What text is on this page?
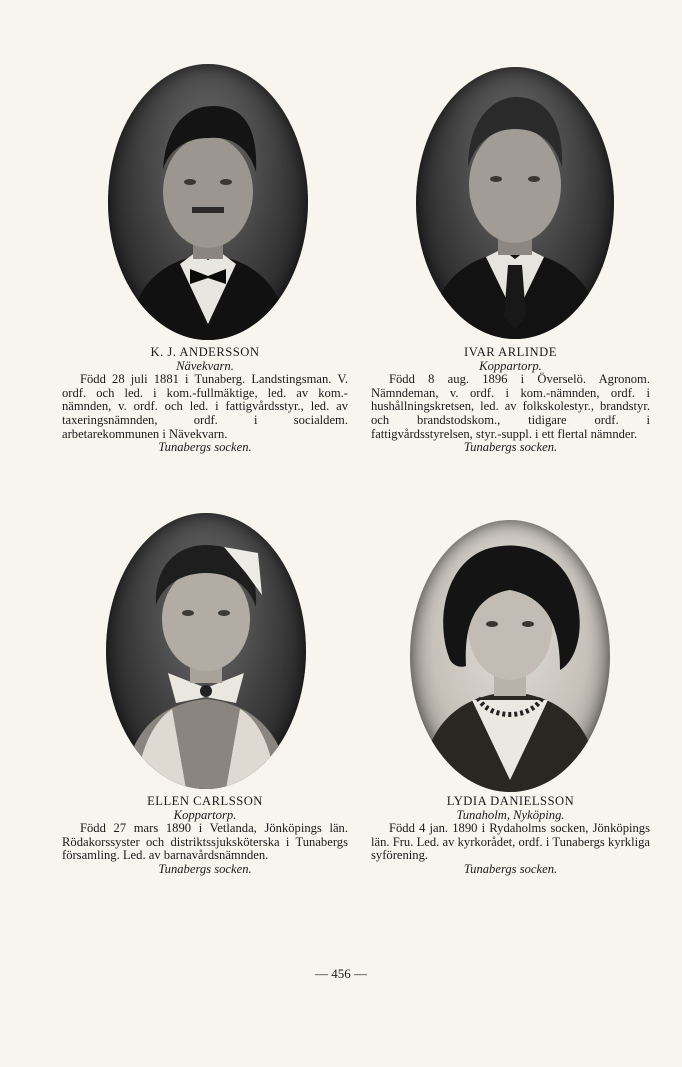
K. J. ANDERSSON
Nävekvarn.
Född 28 juli 1881 i Tunaberg. Landstingsman. V. ordf. och led. i kom.-fullmäktige, led. av kom.-nämnden, v. ordf. och led. i fattigvårdsstyr., led. av taxeringsnämnden, ordf. i socialdem. arbetarekommunen i Nävekvarn.
Tunabergs socken.
IVAR ARLINDE
Koppartorp.
Född 8 aug. 1896 i Överselö. Agronom. Nämndeman, v. ordf. i kom.-nämnden, ordf. i hushållningskretsen, led. av folkskolestyr., brandstyr. och brandstodskom., tidigare ordf. i fattigvårdsstyrelsen, styr.-suppl. i ett flertal nämnder.
Tunabergs socken.
ELLEN CARLSSON
Koppartorp.
Född 27 mars 1890 i Vetlanda, Jönköpings län. Rödakorssyster och distriktssjuksköterska i Tunabergs församling. Led. av barnavårdsnämnden.
Tunabergs socken.
LYDIA DANIELSSON
Tunaholm, Nyköping.
Född 4 jan. 1890 i Rydaholms socken, Jönköpings län. Fru. Led. av kyrkorådet, ordf. i Tunabergs kyrkliga syförening.
Tunabergs socken.
— 456 —
